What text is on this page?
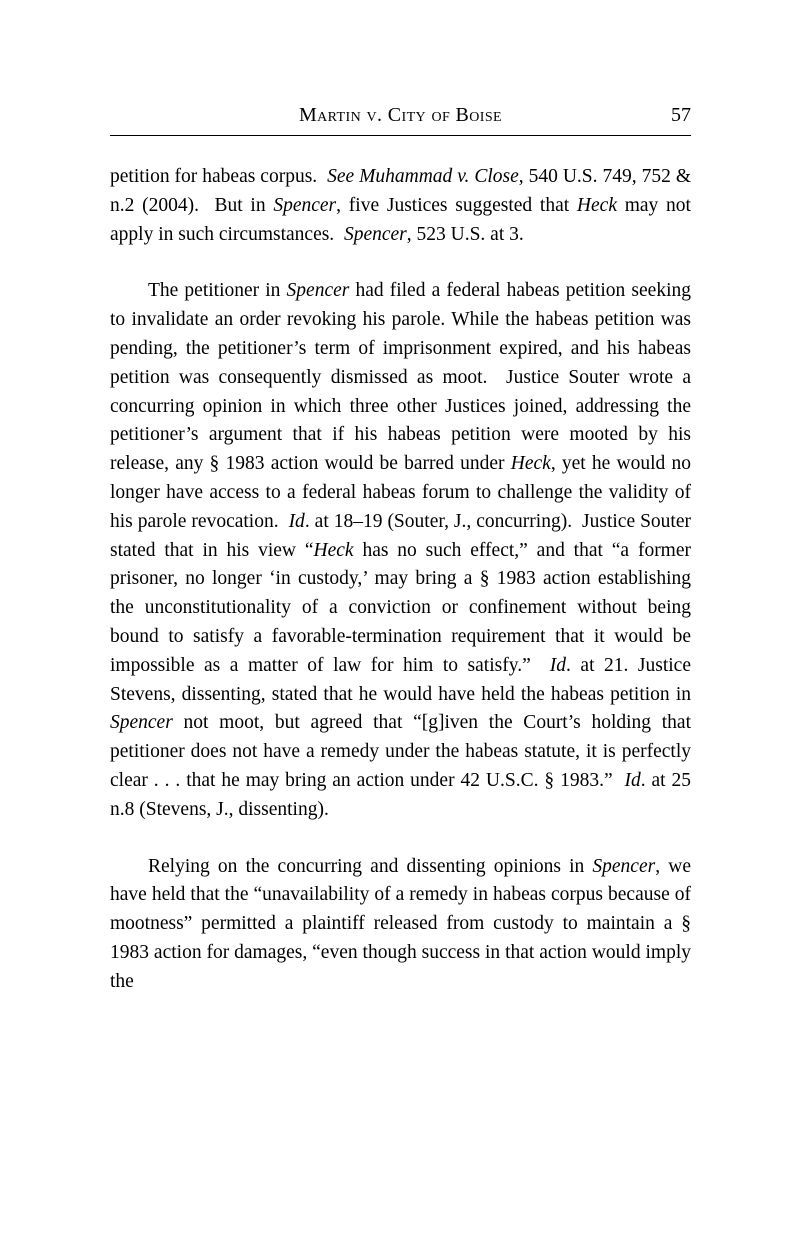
Martin v. City of Boise	57

petition for habeas corpus.  See Muhammad v. Close, 540 U.S. 749, 752 & n.2 (2004).  But in Spencer, five Justices suggested that Heck may not apply in such circumstances.  Spencer, 523 U.S. at 3.

The petitioner in Spencer had filed a federal habeas petition seeking to invalidate an order revoking his parole. While the habeas petition was pending, the petitioner’s term of imprisonment expired, and his habeas petition was consequently dismissed as moot.  Justice Souter wrote a concurring opinion in which three other Justices joined, addressing the petitioner’s argument that if his habeas petition were mooted by his release, any § 1983 action would be barred under Heck, yet he would no longer have access to a federal habeas forum to challenge the validity of his parole revocation.  Id. at 18–19 (Souter, J., concurring).  Justice Souter stated that in his view “Heck has no such effect,” and that “a former prisoner, no longer ‘in custody,’ may bring a § 1983 action establishing the unconstitutionality of a conviction or confinement without being bound to satisfy a favorable-termination requirement that it would be impossible as a matter of law for him to satisfy.”  Id. at 21. Justice Stevens, dissenting, stated that he would have held the habeas petition in Spencer not moot, but agreed that “[g]iven the Court’s holding that petitioner does not have a remedy under the habeas statute, it is perfectly clear . . . that he may bring an action under 42 U.S.C. § 1983.”  Id. at 25 n.8 (Stevens, J., dissenting).

Relying on the concurring and dissenting opinions in Spencer, we have held that the “unavailability of a remedy in habeas corpus because of mootness” permitted a plaintiff released from custody to maintain a § 1983 action for damages, “even though success in that action would imply the
